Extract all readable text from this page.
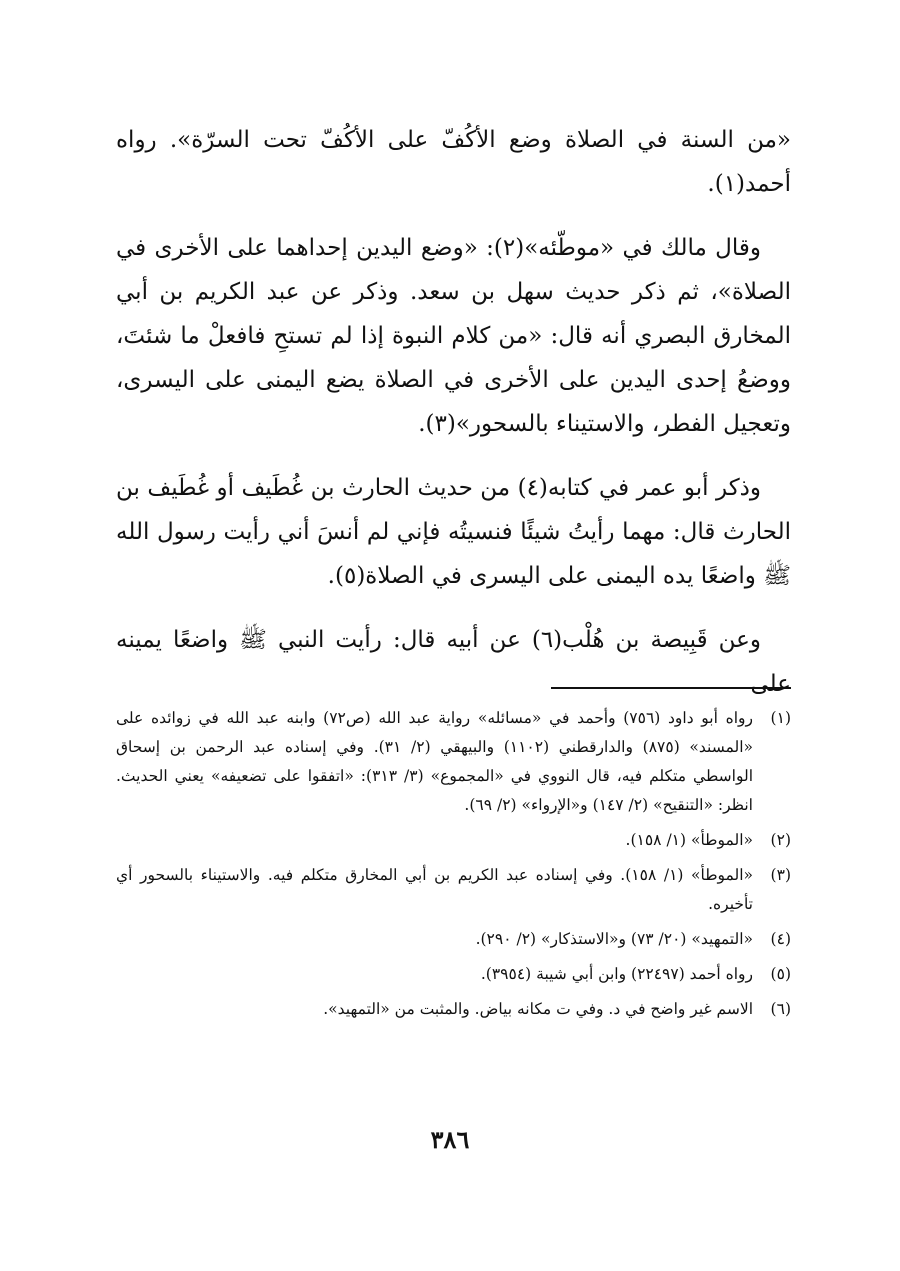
«من السنة في الصلاة وضع الأكُفّ على الأكُفّ تحت السرّة». رواه أحمد(١).

وقال مالك في «موطّئه»(٢): «وضع اليدين إحداهما على الأخرى في الصلاة»، ثم ذكر حديث سهل بن سعد. وذكر عن عبد الكريم بن أبي المخارق البصري أنه قال: «من كلام النبوة إذا لم تستحِ فافعلْ ما شئتَ، ووضعُ إحدى اليدين على الأخرى في الصلاة يضع اليمنى على اليسرى، وتعجيل الفطر، والاستيناء بالسحور»(٣).

وذكر أبو عمر في كتابه(٤) من حديث الحارث بن غُطَيف أو غُطَيف بن الحارث قال: مهما رأيتُ شيئًا فنسيتُه فإني لم أنسَ أني رأيت رسول الله ﷺ واضعًا يده اليمنى على اليسرى في الصلاة(٥).

وعن قَبِيصة بن هُلْب(٦) عن أبيه قال: رأيت النبي ﷺ واضعًا يمينه على

(١)
رواه أبو داود (٧٥٦) وأحمد في «مسائله» رواية عبد الله (ص٧٢) وابنه عبد الله في زوائده على «المسند» (٨٧٥) والدارقطني (١١٠٢) والبيهقي (٢/ ٣١). وفي إسناده عبد الرحمن بن إسحاق الواسطي متكلم فيه، قال النووي في «المجموع» (٣/ ٣١٣): «اتفقوا على تضعيفه» يعني الحديث. انظر: «التنقيح» (٢/ ١٤٧) و«الإرواء» (٢/ ٦٩).
(٢)
«الموطأ» (١/ ١٥٨).
(٣)
«الموطأ» (١/ ١٥٨). وفي إسناده عبد الكريم بن أبي المخارق متكلم فيه. والاستيناء بالسحور أي تأخيره.
(٤)
«التمهيد» (٢٠/ ٧٣) و«الاستذكار» (٢/ ٢٩٠).
(٥)
رواه أحمد (٢٢٤٩٧) وابن أبي شيبة (٣٩٥٤).
(٦)
الاسم غير واضح في د. وفي ت مكانه بياض. والمثبت من «التمهيد».
٣٨٦
